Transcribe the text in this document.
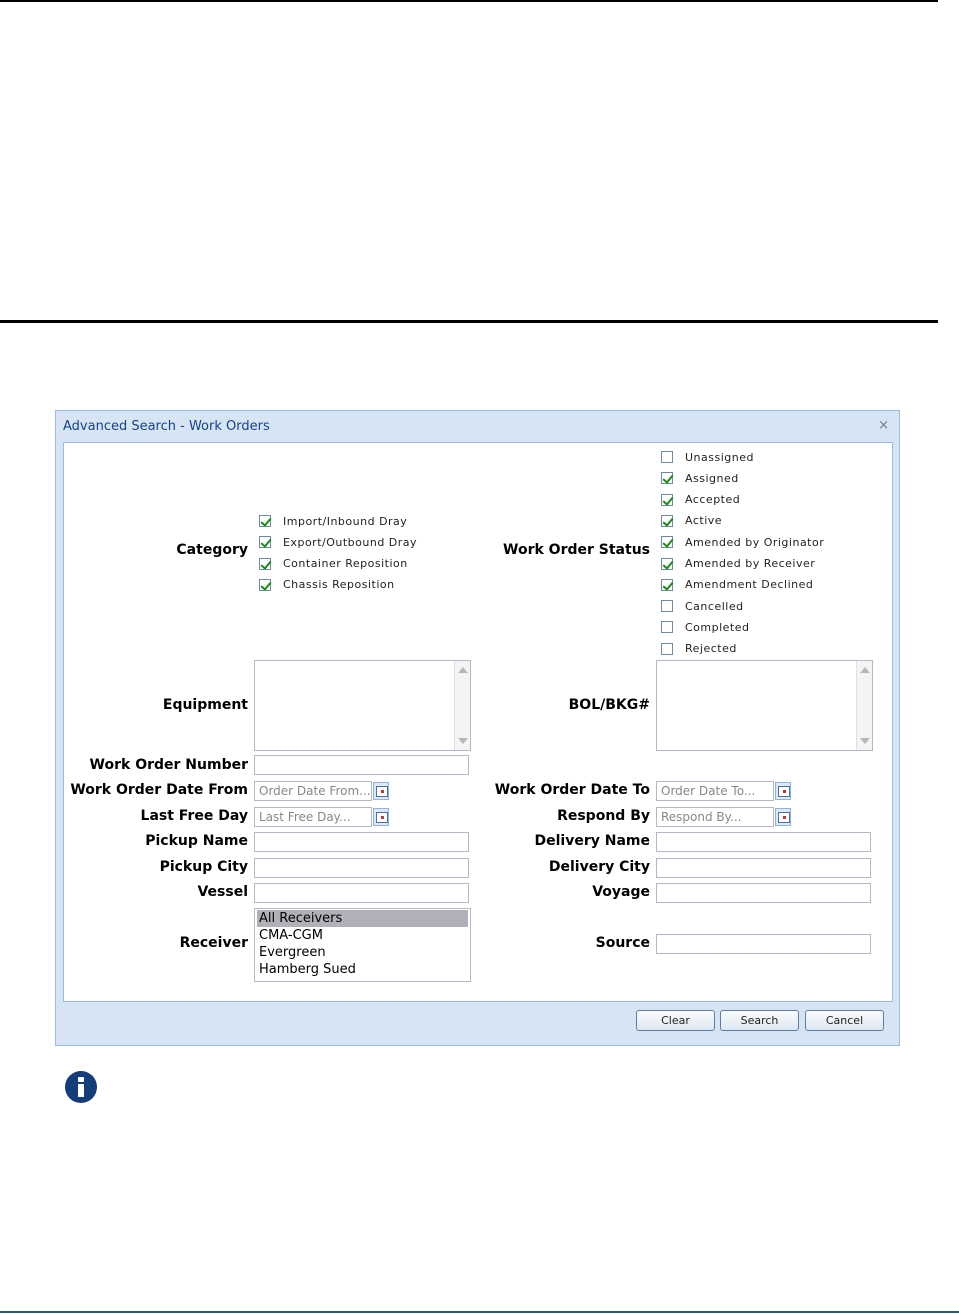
Advanced Search - Work Orders	×
Category
Import/Inbound Dray
Export/Outbound Dray
Container Reposition
Chassis Reposition
Work Order Status
Unassigned
Assigned
Accepted
Active
Amended by Originator
Amended by Receiver
Amendment Declined
Cancelled
Completed
Rejected
Equipment	BOL/BKG#
Work Order Number
Work Order Date From Order Date From...	Work Order Date To Order Date To...
Last Free Day Last Free Day...	Respond By Respond By...
Pickup Name	Delivery Name
Pickup City	Delivery City
Vessel	Voyage
Receiver
All Receivers
CMA-CGM
Evergreen
Hamberg Sued
Source
Clear	Search	Cancel
